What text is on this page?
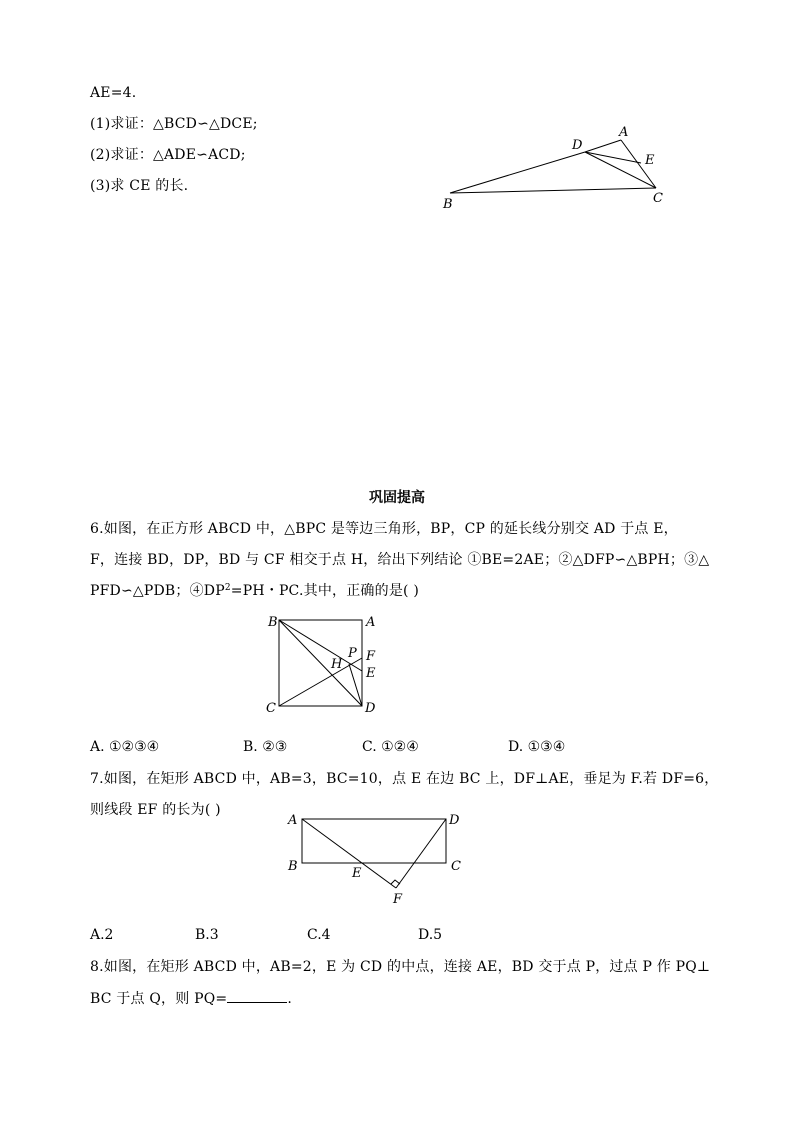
AE=4.
(1)求证：△BCD∽△DCE;
(2)求证：△ADE∽ACD;
(3)求 CE 的长.
A
B	C
D
E
巩固提高
6.如图，在正方形 ABCD 中，△BPC 是等边三角形，BP，CP 的延长线分别交 AD 于点 E，
F，连接 BD，DP，BD 与 CF 相交于点 H，给出下列结论 ①BE=2AE；②△DFP∽△BPH；③△
PFD∽△PDB；$④DP^2=PH$・PC.其中，正确的是( )
B	A
C	D
H
P F
E
A. ①②③④	B. ②③	C. ①②④	D. ①③④
7.如图，在矩形 ABCD 中，AB=3，BC=10，点 E 在边 BC 上，DF⊥AE，垂足为 F.若 DF=6，
则线段 EF 的长为( )
A	D
B	C
E
F
A.2	B.3	C.4	D.5
8.如图，在矩形 ABCD 中，AB=2，E 为 CD 的中点，连接 AE，BD 交于点 P，过点 P 作 PQ⊥
BC 于点 Q，则 PQ=	.
